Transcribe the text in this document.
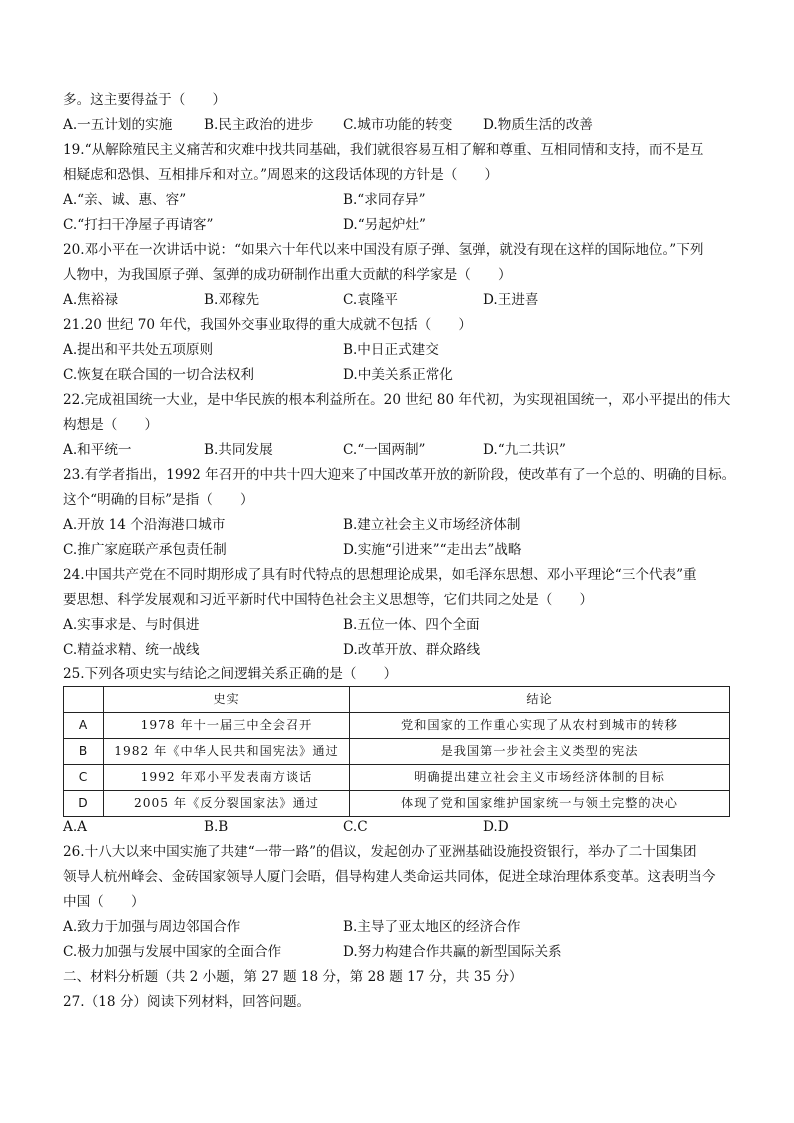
多。这主要得益于（　　）
A.一五计划的实施 B.民主政治的进步 C.城市功能的转变 D.物质生活的改善
19.“从解除殖民主义痛苦和灾难中找共同基础，我们就很容易互相了解和尊重、互相同情和支持，而不是互
相疑虑和恐惧、互相排斥和对立。”周恩来的这段话体现的方针是（　　）
A.“亲、诚、惠、容”	B.“求同存异”
C.“打扫干净屋子再请客”	D.“另起炉灶”
20.邓小平在一次讲话中说：“如果六十年代以来中国没有原子弹、氢弹，就没有现在这样的国际地位。”下列
人物中，为我国原子弹、氢弹的成功研制作出重大贡献的科学家是（　　）
A.焦裕禄	B.邓稼先	C.袁隆平	D.王进喜
21.20 世纪 70 年代，我国外交事业取得的重大成就不包括（　　）
A.提出和平共处五项原则	B.中日正式建交
C.恢复在联合国的一切合法权利	D.中美关系正常化
22.完成祖国统一大业，是中华民族的根本利益所在。20 世纪 80 年代初，为实现祖国统一，邓小平提出的伟大
构想是（　　）
A.和平统一	B.共同发展	C.“一国两制”	D.“九二共识”
23.有学者指出，1992 年召开的中共十四大迎来了中国改革开放的新阶段，使改革有了一个总的、明确的目标。
这个“明确的目标”是指（　　）
A.开放 14 个沿海港口城市	B.建立社会主义市场经济体制
C.推广家庭联产承包责任制	D.实施“引进来”“走出去”战略
24.中国共产党在不同时期形成了具有时代特点的思想理论成果，如毛泽东思想、邓小平理论“三个代表”重
要思想、科学发展观和习近平新时代中国特色社会主义思想等，它们共同之处是（　　）
A.实事求是、与时俱进	B.五位一体、四个全面
C.精益求精、统一战线	D.改革开放、群众路线
25.下列各项史实与结论之间逻辑关系正确的是（　　）
	史实	结论
A	1978 年十一届三中全会召开	党和国家的工作重心实现了从农村到城市的转移
B	1982 年《中华人民共和国宪法》通过	是我国第一步社会主义类型的宪法
C	1992 年邓小平发表南方谈话	明确提出建立社会主义市场经济体制的目标
D	2005 年《反分裂国家法》通过	体现了党和国家维护国家统一与领土完整的决心
A.A	B.B	C.C	D.D
26.十八大以来中国实施了共建“一带一路”的倡议，发起创办了亚洲基础设施投资银行，举办了二十国集团
领导人杭州峰会、金砖国家领导人厦门会晤，倡导构建人类命运共同体，促进全球治理体系变革。这表明当今
中国（　　）
A.致力于加强与周边邻国合作	B.主导了亚太地区的经济合作
C.极力加强与发展中国家的全面合作	D.努力构建合作共赢的新型国际关系
二、材料分析题（共 2 小题，第 27 题 18 分，第 28 题 17 分，共 35 分）
27.（18 分）阅读下列材料，回答问题。
